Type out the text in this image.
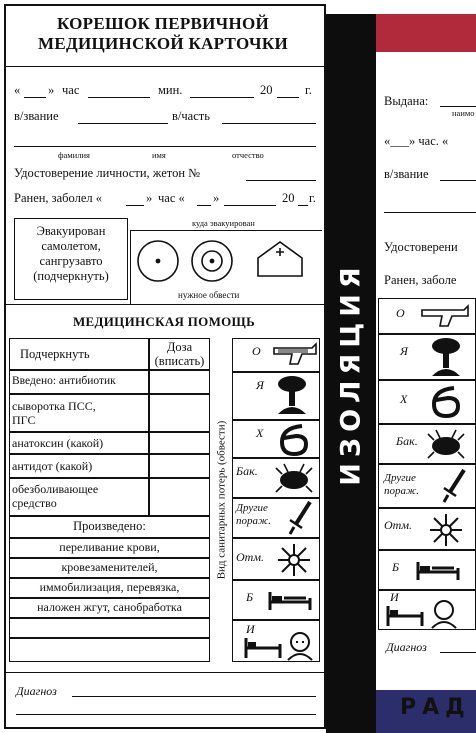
КОРЕШОК ПЕРВИЧНОЙ
МЕДИЦИНСКОЙ КАРТОЧКИ
« » час	мин.	20	г.
в/звание	в/часть
фамилия	имя	отчество
Удостоверение личности, жетон №
Ранен, заболел «	» час « »	20 г.
Эвакуирован
самолетом,
сангрузавто
(подчеркнуть)
куда эвакуирован
нужное обвести
МЕДИЦИНСКАЯ ПОМОЩЬ
Подчеркнуть	Доза
(вписать)
Введено: антибиотик
сыворотка ПСС,
ПГС
анатоксин (какой)
антидот (какой)
обезболивающее
средство
Произведено:
переливание крови,
кровезаменителей,
иммобилизация, перевязка,
наложен жгут, санобработка
Вид санитарных потерь (обвести)
О
Я
Х
Бак.
Другие
пораж.
Отм.
Б
И
Диагноз
ИЗОЛЯЦИЯ
Выдана:
наимо
«___» час. «
в/звание
Удостоверени
Ранен, заболе
О
Я
Х
Бак.
Другие
пораж.
Отм.
Б
И
Диагноз
РАД
